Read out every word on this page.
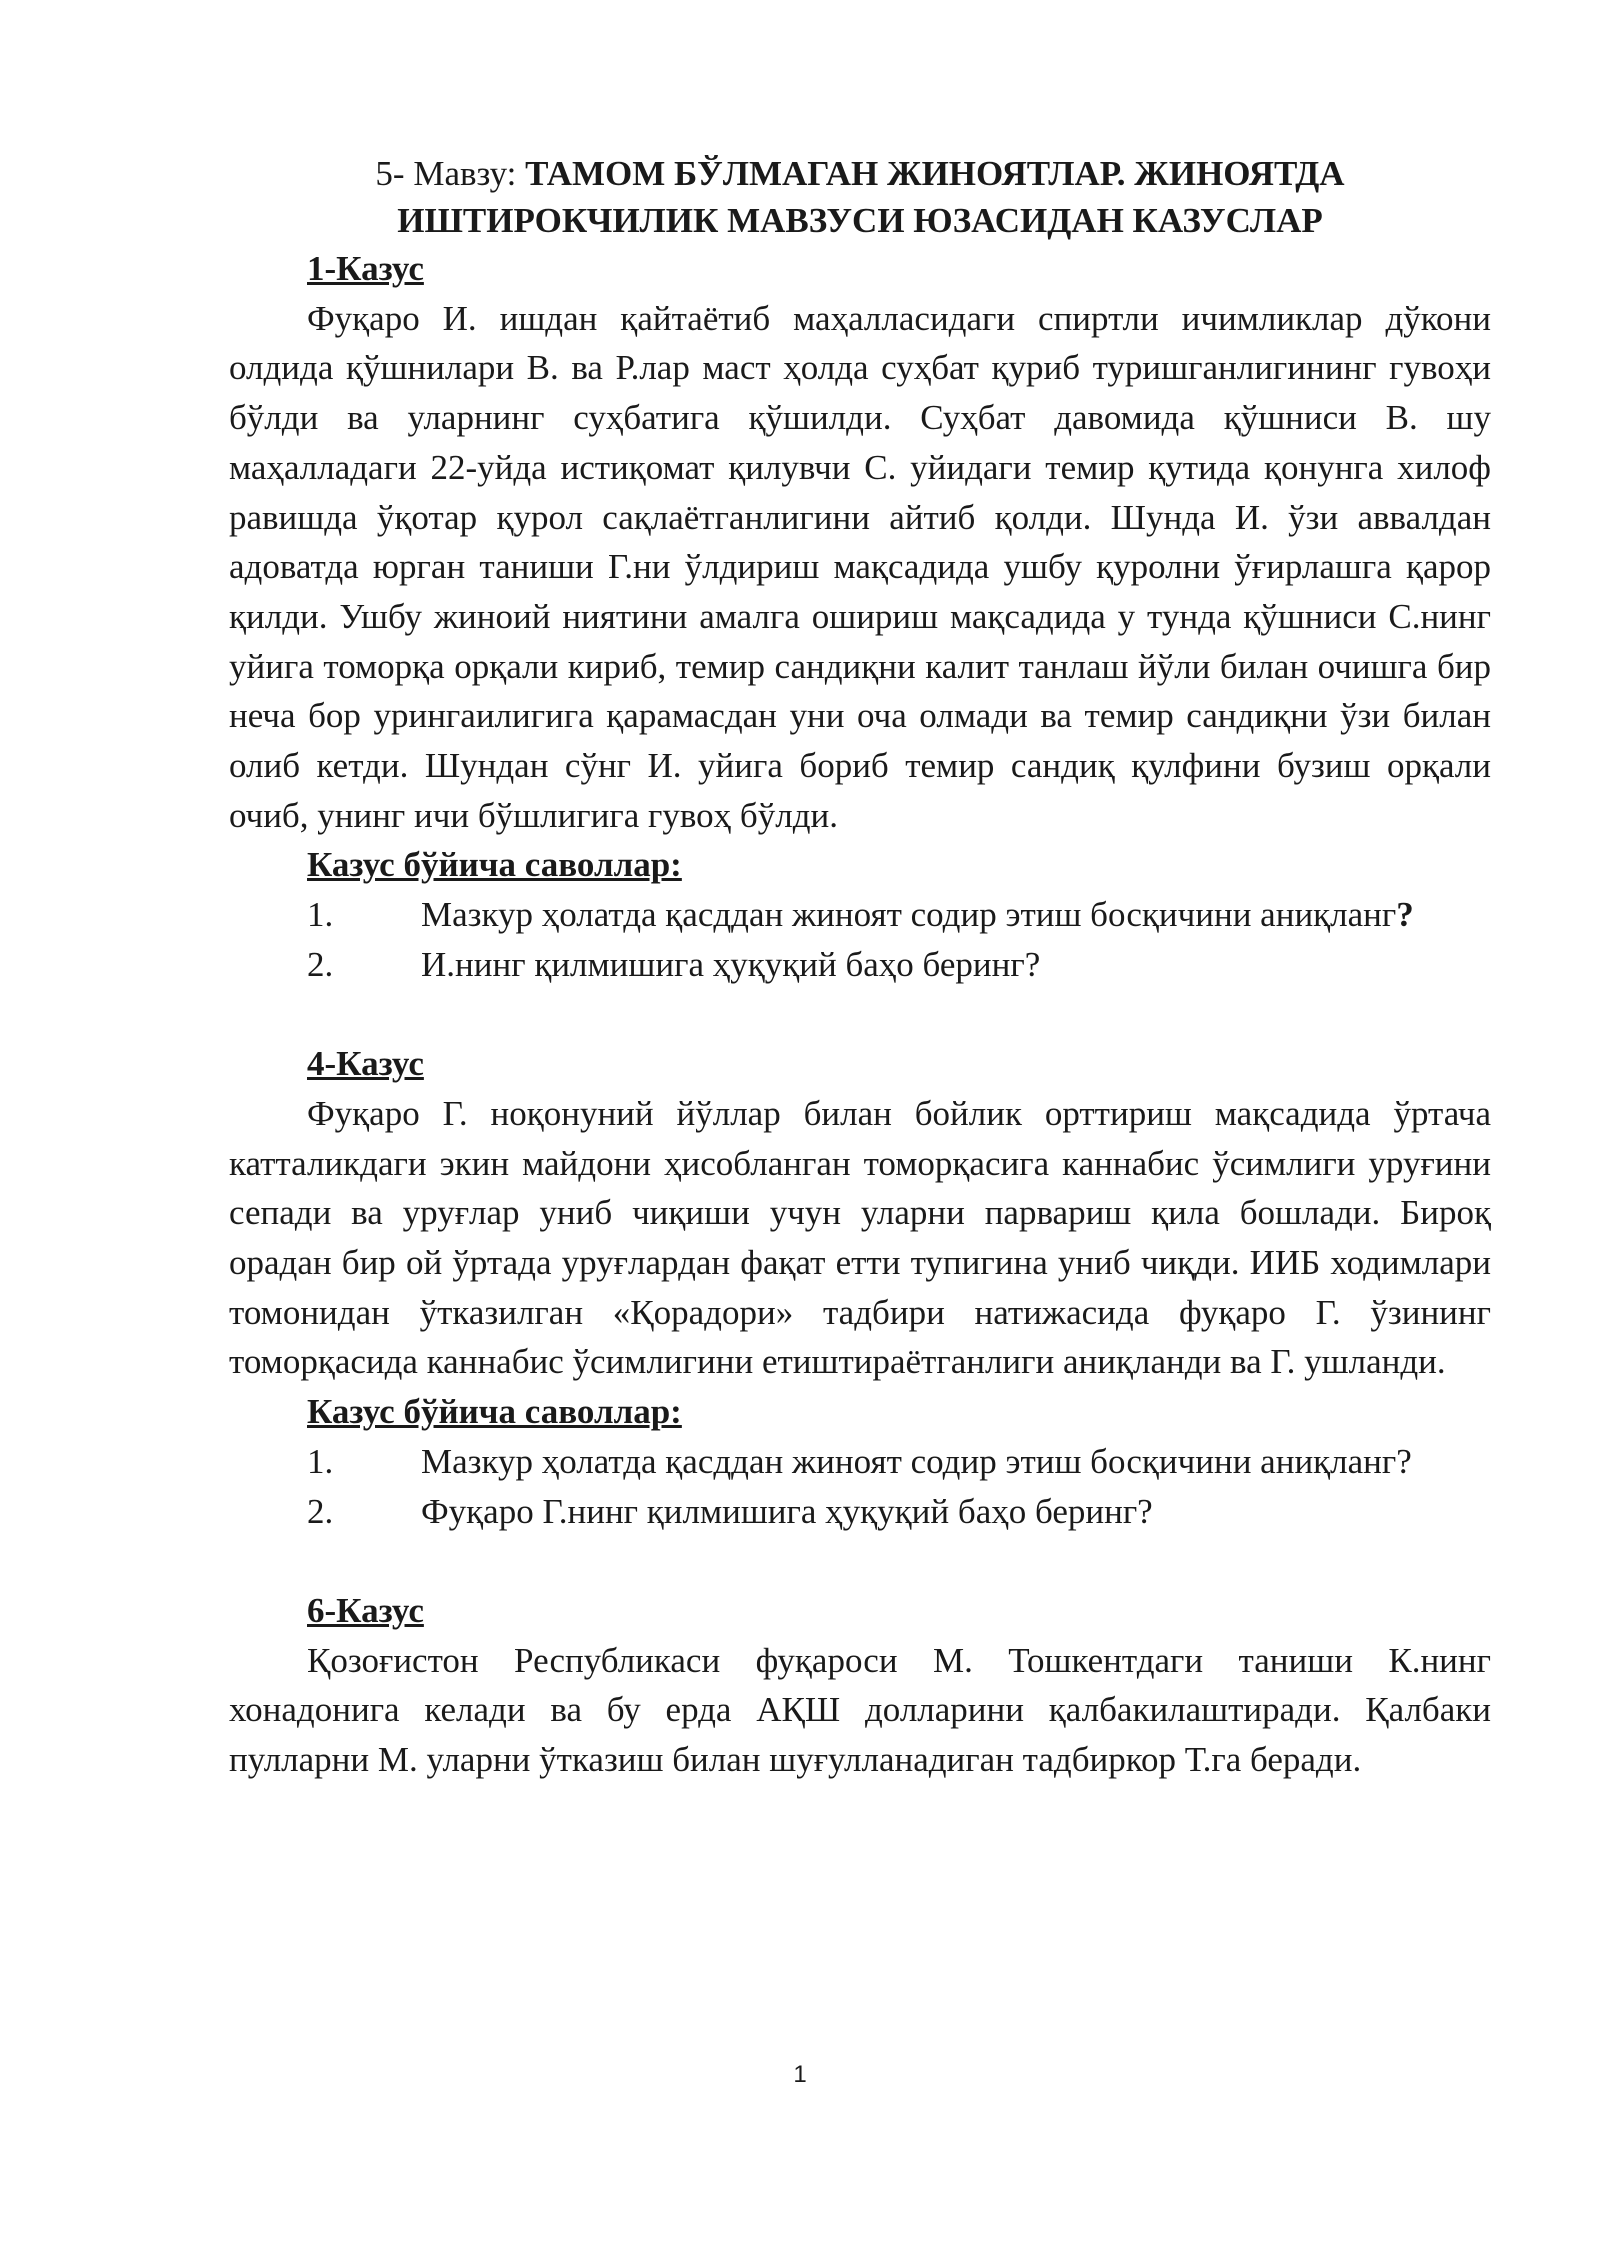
5- Мавзу: ТАМОМ БЎЛМАГАН ЖИНОЯТЛАР. ЖИНОЯТДА
ИШТИРОКЧИЛИК МАВЗУСИ ЮЗАСИДАН КАЗУСЛАР

1-Казус

Фуқаро И. ишдан қайтаётиб маҳалласидаги спиртли ичимликлар дўкони олдида қўшнилари В. ва Р.лар маст ҳолда суҳбат қуриб туришганлигининг гувоҳи бўлди ва уларнинг суҳбатига қўшилди. Суҳбат давомида қўшниси В. шу маҳалладаги 22-уйда истиқомат қилувчи С. уйидаги темир қутида қонунга хилоф равишда ўқотар қурол сақлаётганлигини айтиб қолди. Шунда И. ўзи аввалдан адоватда юрган таниши Г.ни ўлдириш мақсадида ушбу қуролни ўғирлашга қарор қилди. Ушбу жиноий ниятини амалга ошириш мақсадида у тунда қўшниси С.нинг уйига томорқа орқали кириб, темир сандиқни калит танлаш йўли билан очишга бир неча бор урингаилигига қарамасдан уни оча олмади ва темир сандиқни ўзи билан олиб кетди. Шундан сўнг И. уйига бориб темир сандиқ қулфини бузиш орқали очиб, унинг ичи бўшлигига гувоҳ бўлди.

Казус бўйича саволлар:

1.	Мазкур ҳолатда қасддан жиноят содир этиш босқичини аниқланг?

2.	И.нинг қилмишига ҳуқуқий баҳо беринг?

4-Казус

Фуқаро Г. ноқонуний йўллар билан бойлик орттириш мақсадида ўртача катталикдаги экин майдони ҳисобланган томорқасига каннабис ўсимлиги уруғини сепади ва уруғлар униб чиқиши учун уларни парвариш қила бошлади. Бироқ орадан бир ой ўртада уруғлардан фақат етти тупигина униб чиқди. ИИБ ходимлари томонидан ўтказилган «Қорадори» тадбири натижасида фуқаро Г. ўзининг томорқасида каннабис ўсимлигини етиштираётганлиги аниқланди ва Г. ушланди.

Казус бўйича саволлар:

1.	Мазкур ҳолатда қасддан жиноят содир этиш босқичини аниқланг?

2.	Фуқаро Г.нинг қилмишига ҳуқуқий баҳо беринг?

6-Казус

Қозоғистон Республикаси фуқароси М. Тошкентдаги таниши К.нинг хонадонига келади ва бу ерда АҚШ долларини қалбакилаштиради. Қалбаки пулларни М. уларни ўтказиш билан шуғулланадиган тадбиркор Т.га беради.

1
